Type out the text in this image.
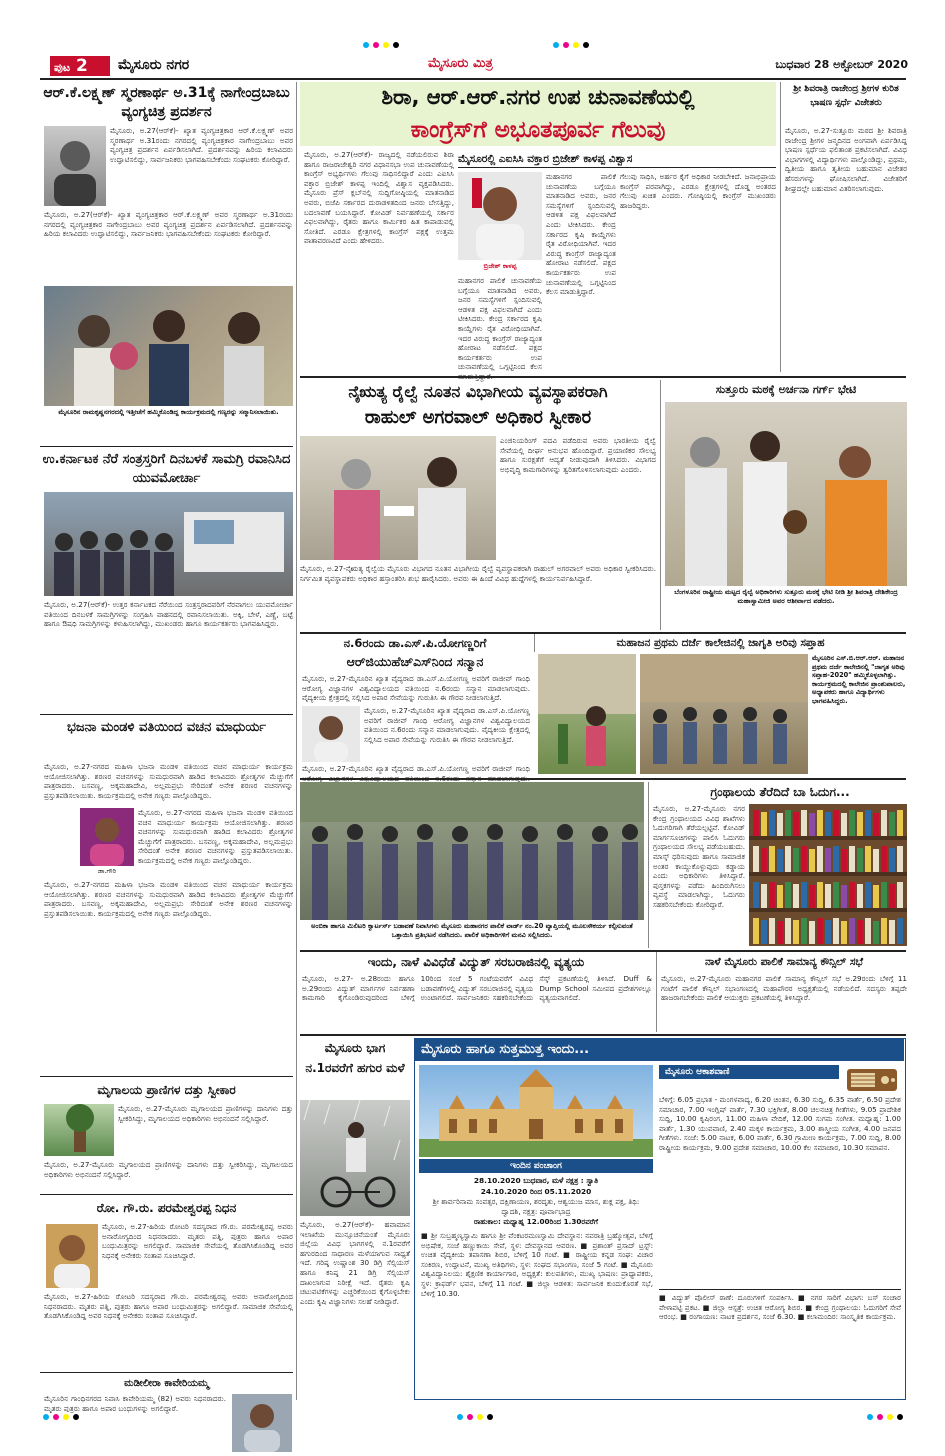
ಪುಟ 2	ಮೈಸೂರು ನಗರ	ಮೈಸೂರು ಮಿತ್ರ	ಬುಧವಾರ 28 ಅಕ್ಟೋಬರ್ 2020
ಆರ್.ಕೆ.ಲಕ್ಷ್ಮಣ್ ಸ್ಮರಣಾರ್ಥ ಅ.31ಕ್ಕೆ ನಾಗೇಂದ್ರಬಾಬು ವ್ಯಂಗ್ಯಚಿತ್ರ ಪ್ರದರ್ಶನ
ಮೈಸೂರು, ಅ.27(ಆರ್‌ಕೆ)- ಖ್ಯಾತ ವ್ಯಂಗ್ಯಚಿತ್ರಕಾರ ಆರ್.ಕೆ.ಲಕ್ಷ್ಮಣ್ ಅವರ ಸ್ಮರಣಾರ್ಥ ಅ.31ರಂದು ನಗರದಲ್ಲಿ ವ್ಯಂಗ್ಯಚಿತ್ರಕಾರ ನಾಗೇಂದ್ರಬಾಬು ಅವರ ವ್ಯಂಗ್ಯಚಿತ್ರ ಪ್ರದರ್ಶನ ಏರ್ಪಡಿಸಲಾಗಿದೆ. ಪ್ರದರ್ಶನವನ್ನು ಹಿರಿಯ ಕಲಾವಿದರು ಉದ್ಘಾಟಿಸಲಿದ್ದು, ಸಾರ್ವಜನಿಕರು ಭಾಗವಹಿಸಬೇಕೆಂದು ಸಂಘಟಕರು ಕೋರಿದ್ದಾರೆ.
ಮೈಸೂರು, ಅ.27(ಆರ್‌ಕೆ)- ಖ್ಯಾತ ವ್ಯಂಗ್ಯಚಿತ್ರಕಾರ ಆರ್.ಕೆ.ಲಕ್ಷ್ಮಣ್ ಅವರ ಸ್ಮರಣಾರ್ಥ ಅ.31ರಂದು ನಗರದಲ್ಲಿ ವ್ಯಂಗ್ಯಚಿತ್ರಕಾರ ನಾಗೇಂದ್ರಬಾಬು ಅವರ ವ್ಯಂಗ್ಯಚಿತ್ರ ಪ್ರದರ್ಶನ ಏರ್ಪಡಿಸಲಾಗಿದೆ. ಪ್ರದರ್ಶನವನ್ನು ಹಿರಿಯ ಕಲಾವಿದರು ಉದ್ಘಾಟಿಸಲಿದ್ದು, ಸಾರ್ವಜನಿಕರು ಭಾಗವಹಿಸಬೇಕೆಂದು ಸಂಘಟಕರು ಕೋರಿದ್ದಾರೆ.
ಮೈಸೂರಿನ ರಾಮಕೃಷ್ಣನಗರದಲ್ಲಿ ಇತ್ತೀಚೆಗೆ ಹಮ್ಮಿಕೊಂಡಿದ್ದ ಕಾರ್ಯಕ್ರಮದಲ್ಲಿ ಗಣ್ಯರನ್ನು ಸನ್ಮಾನಿಸಲಾಯಿತು.
ಉ.ಕರ್ನಾಟಕ ನೆರೆ ಸಂತ್ರಸ್ತರಿಗೆ ದಿನಬಳಕೆ ಸಾಮಗ್ರಿ ರವಾನಿಸಿದ ಯುವಮೋರ್ಚಾ
ಮೈಸೂರು, ಅ.27(ಆರ್‌ಕೆ)- ಉತ್ತರ ಕರ್ನಾಟಕದ ನೆರೆಯಿಂದ ಸಂತ್ರಸ್ತರಾದವರಿಗೆ ನೆರವಾಗಲು ಯುವಮೋರ್ಚಾ ವತಿಯಿಂದ ದಿನಬಳಕೆ ಸಾಮಗ್ರಿಗಳನ್ನು ಸಂಗ್ರಹಿಸಿ ವಾಹನದಲ್ಲಿ ರವಾನಿಸಲಾಯಿತು. ಅಕ್ಕಿ, ಬೇಳೆ, ಎಣ್ಣೆ, ಬಟ್ಟೆ ಹಾಗೂ ಔಷಧಿ ಸಾಮಗ್ರಿಗಳನ್ನು ಕಳುಹಿಸಲಾಗಿದ್ದು, ಮುಖಂಡರು ಹಾಗೂ ಕಾರ್ಯಕರ್ತರು ಭಾಗವಹಿಸಿದ್ದರು.
ಭಜನಾ ಮಂಡಳಿ ವತಿಯಿಂದ ವಚನ ಮಾಧುರ್ಯ
ಡಾ.ಗೌರಿ
ಮೈಸೂರು, ಅ.27-ನಗರದ ಮಹಿಳಾ ಭಜನಾ ಮಂಡಳಿ ವತಿಯಿಂದ ವಚನ ಮಾಧುರ್ಯ ಕಾರ್ಯಕ್ರಮ ಆಯೋಜಿಸಲಾಗಿತ್ತು. ಶರಣರ ವಚನಗಳನ್ನು ಸುಮಧುರವಾಗಿ ಹಾಡಿದ ಕಲಾವಿದರು ಶ್ರೋತೃಗಳ ಮೆಚ್ಚುಗೆಗೆ ಪಾತ್ರರಾದರು. ಬಸವಣ್ಣ, ಅಕ್ಕಮಹಾದೇವಿ, ಅಲ್ಲಮಪ್ರಭು ಸೇರಿದಂತೆ ಅನೇಕ ಶರಣರ ವಚನಗಳನ್ನು ಪ್ರಸ್ತುತಪಡಿಸಲಾಯಿತು. ಕಾರ್ಯಕ್ರಮದಲ್ಲಿ ಅನೇಕ ಗಣ್ಯರು ಪಾಲ್ಗೊಂಡಿದ್ದರು.
ಮೈಸೂರು, ಅ.27-ನಗರದ ಮಹಿಳಾ ಭಜನಾ ಮಂಡಳಿ ವತಿಯಿಂದ ವಚನ ಮಾಧುರ್ಯ ಕಾರ್ಯಕ್ರಮ ಆಯೋಜಿಸಲಾಗಿತ್ತು. ಶರಣರ ವಚನಗಳನ್ನು ಸುಮಧುರವಾಗಿ ಹಾಡಿದ ಕಲಾವಿದರು ಶ್ರೋತೃಗಳ ಮೆಚ್ಚುಗೆಗೆ ಪಾತ್ರರಾದರು. ಬಸವಣ್ಣ, ಅಕ್ಕಮಹಾದೇವಿ, ಅಲ್ಲಮಪ್ರಭು ಸೇರಿದಂತೆ ಅನೇಕ ಶರಣರ ವಚನಗಳನ್ನು ಪ್ರಸ್ತುತಪಡಿಸಲಾಯಿತು. ಕಾರ್ಯಕ್ರಮದಲ್ಲಿ ಅನೇಕ ಗಣ್ಯರು ಪಾಲ್ಗೊಂಡಿದ್ದರು.
ಮೈಸೂರು, ಅ.27-ನಗರದ ಮಹಿಳಾ ಭಜನಾ ಮಂಡಳಿ ವತಿಯಿಂದ ವಚನ ಮಾಧುರ್ಯ ಕಾರ್ಯಕ್ರಮ ಆಯೋಜಿಸಲಾಗಿತ್ತು. ಶರಣರ ವಚನಗಳನ್ನು ಸುಮಧುರವಾಗಿ ಹಾಡಿದ ಕಲಾವಿದರು ಶ್ರೋತೃಗಳ ಮೆಚ್ಚುಗೆಗೆ ಪಾತ್ರರಾದರು. ಬಸವಣ್ಣ, ಅಕ್ಕಮಹಾದೇವಿ, ಅಲ್ಲಮಪ್ರಭು ಸೇರಿದಂತೆ ಅನೇಕ ಶರಣರ ವಚನಗಳನ್ನು ಪ್ರಸ್ತುತಪಡಿಸಲಾಯಿತು. ಕಾರ್ಯಕ್ರಮದಲ್ಲಿ ಅನೇಕ ಗಣ್ಯರು ಪಾಲ್ಗೊಂಡಿದ್ದರು.
ಮೃಗಾಲಯ ಪ್ರಾಣಿಗಳ ದತ್ತು ಸ್ವೀಕಾರ
ಮೈಸೂರು, ಅ.27-ಮೈಸೂರು ಮೃಗಾಲಯದ ಪ್ರಾಣಿಗಳನ್ನು ದಾನಿಗಳು ದತ್ತು ಸ್ವೀಕರಿಸಿದ್ದು, ಮೃಗಾಲಯದ ಅಧಿಕಾರಿಗಳು ಅಭಿನಂದನೆ ಸಲ್ಲಿಸಿದ್ದಾರೆ.
ಮೈಸೂರು, ಅ.27-ಮೈಸೂರು ಮೃಗಾಲಯದ ಪ್ರಾಣಿಗಳನ್ನು ದಾನಿಗಳು ದತ್ತು ಸ್ವೀಕರಿಸಿದ್ದು, ಮೃಗಾಲಯದ ಅಧಿಕಾರಿಗಳು ಅಭಿನಂದನೆ ಸಲ್ಲಿಸಿದ್ದಾರೆ.
ರೋ. ಗೌ.ರು. ಪರಮೇಶ್ವರಪ್ಪ ನಿಧನ
ಮೈಸೂರು, ಅ.27-ಹಿರಿಯ ರೋಟರಿ ಸದಸ್ಯರಾದ ಗೌ.ರು. ಪರಮೇಶ್ವರಪ್ಪ ಅವರು ಅನಾರೋಗ್ಯದಿಂದ ನಿಧನರಾದರು. ಮೃತರು ಪತ್ನಿ, ಪುತ್ರರು ಹಾಗೂ ಅಪಾರ ಬಂಧುಮಿತ್ರರನ್ನು ಅಗಲಿದ್ದಾರೆ. ಸಾಮಾಜಿಕ ಸೇವೆಯಲ್ಲಿ ತೊಡಗಿಸಿಕೊಂಡಿದ್ದ ಅವರ ನಿಧನಕ್ಕೆ ಅನೇಕರು ಸಂತಾಪ ಸೂಚಿಸಿದ್ದಾರೆ.
ಮೈಸೂರು, ಅ.27-ಹಿರಿಯ ರೋಟರಿ ಸದಸ್ಯರಾದ ಗೌ.ರು. ಪರಮೇಶ್ವರಪ್ಪ ಅವರು ಅನಾರೋಗ್ಯದಿಂದ ನಿಧನರಾದರು. ಮೃತರು ಪತ್ನಿ, ಪುತ್ರರು ಹಾಗೂ ಅಪಾರ ಬಂಧುಮಿತ್ರರನ್ನು ಅಗಲಿದ್ದಾರೆ. ಸಾಮಾಜಿಕ ಸೇವೆಯಲ್ಲಿ ತೊಡಗಿಸಿಕೊಂಡಿದ್ದ ಅವರ ನಿಧನಕ್ಕೆ ಅನೇಕರು ಸಂತಾಪ ಸೂಚಿಸಿದ್ದಾರೆ.
ಮಡೀಲೀರಾ ಕಾವೇರಿಯಮ್ಮ
ಮೈಸೂರಿನ ಗಾಂಧಿನಗರದ ನಿವಾಸಿ ಕಾವೇರಿಯಮ್ಮ (82) ಅವರು ನಿಧನರಾದರು. ಮೃತರು ಪುತ್ರರು ಹಾಗೂ ಅಪಾರ ಬಂಧುಗಳನ್ನು ಅಗಲಿದ್ದಾರೆ.
ಶಿರಾ, ಆರ್.ಆರ್.ನಗರ ಉಪ ಚುನಾವಣೆಯಲ್ಲಿ
ಕಾಂಗ್ರೆಸ್‌ಗೆ ಅಭೂತಪೂರ್ವ ಗೆಲುವು
ಮೈಸೂರು, ಅ.27(ಆರ್‌ಕೆ)- ರಾಜ್ಯದಲ್ಲಿ ನಡೆಯಲಿರುವ ಶಿರಾ ಹಾಗೂ ರಾಜರಾಜೇಶ್ವರಿ ನಗರ ವಿಧಾನಸಭಾ ಉಪ ಚುನಾವಣೆಯಲ್ಲಿ ಕಾಂಗ್ರೆಸ್ ಅಭ್ಯರ್ಥಿಗಳು ಗೆಲುವು ಸಾಧಿಸಲಿದ್ದಾರೆ ಎಂದು ಎಐಸಿಸಿ ವಕ್ತಾರ ಬ್ರಿಜೇಶ್ ಕಾಳಪ್ಪ ಇಂದಿಲ್ಲಿ ವಿಶ್ವಾಸ ವ್ಯಕ್ತಪಡಿಸಿದರು. ಮೈಸೂರು ಪ್ರೆಸ್ ಕ್ಲಬ್‌ನಲ್ಲಿ ಸುದ್ದಿಗೋಷ್ಠಿಯಲ್ಲಿ ಮಾತನಾಡಿದ ಅವರು, ಬಿಜೆಪಿ ಸರ್ಕಾರದ ದುರಾಡಳಿತದಿಂದ ಜನರು ಬೇಸತ್ತಿದ್ದು, ಬದಲಾವಣೆ ಬಯಸಿದ್ದಾರೆ. ಕೋವಿಡ್ ನಿರ್ವಹಣೆಯಲ್ಲಿ ಸರ್ಕಾರ ವಿಫಲವಾಗಿದ್ದು, ರೈತರು ಹಾಗೂ ಕಾರ್ಮಿಕರ ಹಿತ ಕಾಪಾಡುವಲ್ಲಿ ಸೋತಿದೆ. ಎರಡೂ ಕ್ಷೇತ್ರಗಳಲ್ಲಿ ಕಾಂಗ್ರೆಸ್ ಪಕ್ಷಕ್ಕೆ ಉತ್ತಮ ವಾತಾವರಣವಿದೆ ಎಂದು ಹೇಳಿದರು.
ಮೈಸೂರಲ್ಲಿ ಎಐಸಿಸಿ ವಕ್ತಾರ ಬ್ರಿಜೇಶ್ ಕಾಳಪ್ಪ ವಿಶ್ವಾಸ
ಬ್ರಿಜೇಶ್ ಕಾಳಪ್ಪ
ಮಹಾನಗರ ಪಾಲಿಕೆ ಚುನಾವಣೆಯ ಬಗ್ಗೆಯೂ ಮಾತನಾಡಿದ ಅವರು, ಜನರ ಸಮಸ್ಯೆಗಳಿಗೆ ಸ್ಪಂದಿಸುವಲ್ಲಿ ಆಡಳಿತ ಪಕ್ಷ ವಿಫಲವಾಗಿದೆ ಎಂದು ಟೀಕಿಸಿದರು. ಕೇಂದ್ರ ಸರ್ಕಾರದ ಕೃಷಿ ಕಾಯ್ದೆಗಳು ರೈತ ವಿರೋಧಿಯಾಗಿವೆ. ಇದರ ವಿರುದ್ಧ ಕಾಂಗ್ರೆಸ್ ರಾಜ್ಯಾದ್ಯಂತ ಹೋರಾಟ ನಡೆಸಲಿದೆ. ಪಕ್ಷದ ಕಾರ್ಯಕರ್ತರು ಉಪ ಚುನಾವಣೆಯಲ್ಲಿ ಒಗ್ಗಟ್ಟಿನಿಂದ ಕೆಲಸ ಮಾಡುತ್ತಿದ್ದಾರೆ.
ಗೆಲುವು ಸಾಧಿಸಿ, ಅರ್ಹರ ಕೈಗೆ ಅಧಿಕಾರ ನೀಡಬೇಕಿದೆ. ಜನಾಭಿಪ್ರಾಯ ಕಾಂಗ್ರೆಸ್ ಪರವಾಗಿದ್ದು, ಎರಡೂ ಕ್ಷೇತ್ರಗಳಲ್ಲಿ ದೊಡ್ಡ ಅಂತರದ ಗೆಲುವು ಖಚಿತ ಎಂದರು. ಗೋಷ್ಠಿಯಲ್ಲಿ ಕಾಂಗ್ರೆಸ್ ಮುಖಂಡರು ಹಾಜರಿದ್ದರು.
ಮಹಾನಗರ ಪಾಲಿಕೆ ಚುನಾವಣೆಯ ಬಗ್ಗೆಯೂ ಮಾತನಾಡಿದ ಅವರು, ಜನರ ಸಮಸ್ಯೆಗಳಿಗೆ ಸ್ಪಂದಿಸುವಲ್ಲಿ ಆಡಳಿತ ಪಕ್ಷ ವಿಫಲವಾಗಿದೆ ಎಂದು ಟೀಕಿಸಿದರು. ಕೇಂದ್ರ ಸರ್ಕಾರದ ಕೃಷಿ ಕಾಯ್ದೆಗಳು ರೈತ ವಿರೋಧಿಯಾಗಿವೆ. ಇದರ ವಿರುದ್ಧ ಕಾಂಗ್ರೆಸ್ ರಾಜ್ಯಾದ್ಯಂತ ಹೋರಾಟ ನಡೆಸಲಿದೆ. ಪಕ್ಷದ ಕಾರ್ಯಕರ್ತರು ಉಪ ಚುನಾವಣೆಯಲ್ಲಿ ಒಗ್ಗಟ್ಟಿನಿಂದ ಕೆಲಸ
ಶ್ರೀ ಶಿವರಾತ್ರಿ ರಾಜೇಂದ್ರ ಶ್ರೀಗಳ ಕುರಿತ ಭಾಷಣ ಸ್ಪರ್ಧೆ ವಿಜೇತರು
ಮೈಸೂರು, ಅ.27-ಸುತ್ತೂರು ಮಠದ ಶ್ರೀ ಶಿವರಾತ್ರಿ ರಾಜೇಂದ್ರ ಶ್ರೀಗಳ ಜನ್ಮದಿನದ ಅಂಗವಾಗಿ ಏರ್ಪಡಿಸಿದ್ದ ಭಾಷಣ ಸ್ಪರ್ಧೆಯ ಫಲಿತಾಂಶ ಪ್ರಕಟಿಸಲಾಗಿದೆ. ವಿವಿಧ ವಿಭಾಗಗಳಲ್ಲಿ ವಿದ್ಯಾರ್ಥಿಗಳು ಪಾಲ್ಗೊಂಡಿದ್ದು, ಪ್ರಥಮ, ದ್ವಿತೀಯ ಹಾಗೂ ತೃತೀಯ ಬಹುಮಾನ ವಿಜೇತರ ಹೆಸರುಗಳನ್ನು ಘೋಷಿಸಲಾಗಿದೆ. ವಿಜೇತರಿಗೆ ಶೀಘ್ರದಲ್ಲೇ ಬಹುಮಾನ ವಿತರಿಸಲಾಗುವುದು.
ನೈಋತ್ಯ ರೈಲ್ವೆ ನೂತನ ವಿಭಾಗೀಯ ವ್ಯವಸ್ಥಾಪಕರಾಗಿ
ರಾಹುಲ್ ಅಗರವಾಲ್ ಅಧಿಕಾರ ಸ್ವೀಕಾರ
ಎಂಜಿನಿಯರಿಂಗ್ ಪದವಿ ಪಡೆದಿರುವ ಅವರು ಭಾರತೀಯ ರೈಲ್ವೆ ಸೇವೆಯಲ್ಲಿ ದೀರ್ಘ ಅನುಭವ ಹೊಂದಿದ್ದಾರೆ. ಪ್ರಯಾಣಿಕರ ಸೌಲಭ್ಯ ಹಾಗೂ ಸುರಕ್ಷತೆಗೆ ಆದ್ಯತೆ ನೀಡುವುದಾಗಿ ತಿಳಿಸಿದರು. ವಿಭಾಗದ ಅಭಿವೃದ್ಧಿ ಕಾಮಗಾರಿಗಳನ್ನು ತ್ವರಿತಗೊಳಿಸಲಾಗುವುದು ಎಂದರು.
ಮೈಸೂರು, ಅ.27-ನೈಋತ್ಯ ರೈಲ್ವೆಯ ಮೈಸೂರು ವಿಭಾಗದ ನೂತನ ವಿಭಾಗೀಯ ರೈಲ್ವೆ ವ್ಯವಸ್ಥಾಪಕರಾಗಿ ರಾಹುಲ್ ಅಗರವಾಲ್ ಅವರು ಅಧಿಕಾರ ಸ್ವೀಕರಿಸಿದರು. ನಿರ್ಗಮಿತ ವ್ಯವಸ್ಥಾಪಕರು ಅಧಿಕಾರ ಹಸ್ತಾಂತರಿಸಿ ಶುಭ ಹಾರೈಸಿದರು. ಅವರು ಈ ಹಿಂದೆ ವಿವಿಧ ಹುದ್ದೆಗಳಲ್ಲಿ ಕಾರ್ಯನಿರ್ವಹಿಸಿದ್ದಾರೆ.
ಸುತ್ತೂರು ಮಠಕ್ಕೆ ಅರ್ಚನಾ ಗರ್ಗ್ ಭೇಟಿ
ಬೆಂಗಳೂರಿನ ರಾಷ್ಟ್ರೀಯ ಮಟ್ಟದ ರೈಲ್ವೆ ಅಧಿಕಾರಿಗಳು ಸುತ್ತೂರು ಮಠಕ್ಕೆ ಭೇಟಿ ನೀಡಿ ಶ್ರೀ ಶಿವರಾತ್ರಿ ದೇಶಿಕೇಂದ್ರ ಮಹಾಸ್ವಾಮೀಜಿ ಅವರ ಆಶೀರ್ವಾದ ಪಡೆದರು.
ನ.6ರಂದು ಡಾ.ಎಸ್.ಪಿ.ಯೋಗಣ್ಣರಿಗೆ
ಆರ್‌ಜಿಯುಹೆಚ್‌ಎಸ್‌ನಿಂದ ಸನ್ಮಾನ
ಮೈಸೂರು, ಅ.27-ಮೈಸೂರಿನ ಖ್ಯಾತ ವೈದ್ಯರಾದ ಡಾ.ಎಸ್.ಪಿ.ಯೋಗಣ್ಣ ಅವರಿಗೆ ರಾಜೀವ್ ಗಾಂಧಿ ಆರೋಗ್ಯ ವಿಜ್ಞಾನಗಳ ವಿಶ್ವವಿದ್ಯಾಲಯದ ವತಿಯಿಂದ ನ.6ರಂದು ಸನ್ಮಾನ ಮಾಡಲಾಗುವುದು. ವೈದ್ಯಕೀಯ ಕ್ಷೇತ್ರದಲ್ಲಿ ಸಲ್ಲಿಸಿದ ಅಪಾರ ಸೇವೆಯನ್ನು ಗುರುತಿಸಿ ಈ ಗೌರವ ನೀಡಲಾಗುತ್ತಿದೆ.
ಮೈಸೂರು, ಅ.27-ಮೈಸೂರಿನ ಖ್ಯಾತ ವೈದ್ಯರಾದ ಡಾ.ಎಸ್.ಪಿ.ಯೋಗಣ್ಣ ಅವರಿಗೆ ರಾಜೀವ್ ಗಾಂಧಿ ಆರೋಗ್ಯ ವಿಜ್ಞಾನಗಳ ವಿಶ್ವವಿದ್ಯಾಲಯದ ವತಿಯಿಂದ ನ.6ರಂದು ಸನ್ಮಾನ ಮಾಡಲಾಗುವುದು. ವೈದ್ಯಕೀಯ ಕ್ಷೇತ್ರದಲ್ಲಿ ಸಲ್ಲಿಸಿದ ಅಪಾರ ಸೇವೆಯನ್ನು ಗುರುತಿಸಿ ಈ ಗೌರವ ನೀಡಲಾಗುತ್ತಿದೆ.
ಮೈಸೂರು, ಅ.27-ಮೈಸೂರಿನ ಖ್ಯಾತ ವೈದ್ಯರಾದ ಡಾ.ಎಸ್.ಪಿ.ಯೋಗಣ್ಣ ಅವರಿಗೆ ರಾಜೀವ್ ಗಾಂಧಿ
ಮಹಾಜನ ಪ್ರಥಮ ದರ್ಜೆ ಕಾಲೇಜಿನಲ್ಲಿ ಜಾಗೃತಿ ಅರಿವು ಸಪ್ತಾಹ
ಮೈಸೂರಿನ ಎಸ್.ಬಿ.ಆರ್.ಆರ್. ಮಹಾಜನ ಪ್ರಥಮ ದರ್ಜೆ ಕಾಲೇಜಿನಲ್ಲಿ "ಜಾಗೃತ ಅರಿವು ಸಪ್ತಾಹ-2020" ಹಮ್ಮಿಕೊಳ್ಳಲಾಗಿತ್ತು. ಕಾರ್ಯಕ್ರಮದಲ್ಲಿ ಕಾಲೇಜಿನ ಪ್ರಾಂಶುಪಾಲರು, ಅಧ್ಯಾಪಕರು ಹಾಗೂ ವಿದ್ಯಾರ್ಥಿಗಳು ಭಾಗವಹಿಸಿದ್ದರು.
ಅಂಬಿಕಾ ಹಾಗೂ ಮಿಲಿಟರಿ ಕ್ವಾರ್ಟರ್ಸ್ ಬಡಾವಣೆ ನಿವಾಸಿಗಳು ಮೈಸೂರು ಮಹಾನಗರ ಪಾಲಿಕೆ ವಾರ್ಡ್ ನಂ.20 ವ್ಯಾಪ್ತಿಯಲ್ಲಿ ಮೂಲಸೌಕರ್ಯ ಕಲ್ಪಿಸುವಂತೆ ಒತ್ತಾಯಿಸಿ ಪ್ರತಿಭಟನೆ ನಡೆಸಿದರು. ಪಾಲಿಕೆ ಅಧಿಕಾರಿಗಳಿಗೆ ಮನವಿ ಸಲ್ಲಿಸಿದರು.
ಗ್ರಂಥಾಲಯ ತೆರೆದಿದೆ ಬಾ ಓದುಗ...
ಮೈಸೂರು, ಅ.27-ಮೈಸೂರು ನಗರ ಕೇಂದ್ರ ಗ್ರಂಥಾಲಯದ ವಿವಿಧ ಶಾಖೆಗಳು ಓದುಗರಿಗಾಗಿ ತೆರೆಯಲ್ಪಟ್ಟಿವೆ. ಕೋವಿಡ್ ಮಾರ್ಗಸೂಚಿಗಳನ್ನು ಪಾಲಿಸಿ ಓದುಗರು ಗ್ರಂಥಾಲಯದ ಸೌಲಭ್ಯ ಪಡೆಯಬಹುದು. ಮಾಸ್ಕ್ ಧರಿಸುವುದು ಹಾಗೂ ಸಾಮಾಜಿಕ ಅಂತರ ಕಾಯ್ದುಕೊಳ್ಳುವುದು ಕಡ್ಡಾಯ ಎಂದು ಅಧಿಕಾರಿಗಳು ತಿಳಿಸಿದ್ದಾರೆ. ಪುಸ್ತಕಗಳನ್ನು ಪಡೆದು ಹಿಂದಿರುಗಿಸಲು ವ್ಯವಸ್ಥೆ ಮಾಡಲಾಗಿದ್ದು, ಓದುಗರು ಸಹಕರಿಸಬೇಕೆಂದು ಕೋರಿದ್ದಾರೆ.
ಇಂದು, ನಾಳೆ ವಿವಿಧೆಡೆ ವಿದ್ಯುತ್ ಸರಬರಾಜಿನಲ್ಲಿ ವ್ಯತ್ಯಯ
ಮೈಸೂರು, ಅ.27- ಅ.28ರಂದು ಹಾಗೂ ಅ.29ರಂದು ವಿದ್ಯುತ್ ಮಾರ್ಗಗಳ ನಿರ್ವಹಣಾ ಕಾಮಗಾರಿ ಕೈಗೊಂಡಿರುವುದರಿಂದ ಬೆಳಿಗ್ಗೆ 10ರಿಂದ ಸಂಜೆ 5 ಗಂಟೆಯವರೆಗೆ ವಿವಿಧ ಬಡಾವಣೆಗಳಲ್ಲಿ ವಿದ್ಯುತ್ ಸರಬರಾಜಿನಲ್ಲಿ ವ್ಯತ್ಯಯ ಉಂಟಾಗಲಿದೆ. ಸಾರ್ವಜನಿಕರು ಸಹಕರಿಸಬೇಕೆಂದು ಸೆಸ್ಕ್ ಪ್ರಕಟಣೆಯಲ್ಲಿ ತಿಳಿಸಿದೆ. Duff & Dump School ಸಮೀಪದ ಪ್ರದೇಶಗಳಲ್ಲೂ ವ್ಯತ್ಯಯವಾಗಲಿದೆ.
ನಾಳೆ ಮೈಸೂರು ಪಾಲಿಕೆ ಸಾಮಾನ್ಯ ಕೌನ್ಸಿಲ್ ಸಭೆ
ಮೈಸೂರು, ಅ.27-ಮೈಸೂರು ಮಹಾನಗರ ಪಾಲಿಕೆ ಸಾಮಾನ್ಯ ಕೌನ್ಸಿಲ್ ಸಭೆ ಅ.29ರಂದು ಬೆಳಿಗ್ಗೆ 11 ಗಂಟೆಗೆ ಪಾಲಿಕೆ ಕೌನ್ಸಿಲ್ ಸಭಾಂಗಣದಲ್ಲಿ ಮಹಾಪೌರರ ಅಧ್ಯಕ್ಷತೆಯಲ್ಲಿ ನಡೆಯಲಿದೆ. ಸದಸ್ಯರು ತಪ್ಪದೇ ಹಾಜರಾಗಬೇಕೆಂದು ಪಾಲಿಕೆ ಆಯುಕ್ತರು ಪ್ರಕಟಣೆಯಲ್ಲಿ ತಿಳಿಸಿದ್ದಾರೆ.
ಮೈಸೂರು ಭಾಗ ನ.1ರವರೆಗೆ ಹಗುರ ಮಳೆ
ಮೈಸೂರು, ಅ.27(ಆರ್‌ಕೆ)- ಹವಾಮಾನ ಇಲಾಖೆಯ ಮುನ್ಸೂಚನೆಯಂತೆ ಮೈಸೂರು ಜಿಲ್ಲೆಯ ವಿವಿಧ ಭಾಗಗಳಲ್ಲಿ ನ.1ರವರೆಗೆ ಹಗುರದಿಂದ ಸಾಧಾರಣ ಮಳೆಯಾಗುವ ಸಾಧ್ಯತೆ ಇದೆ. ಗರಿಷ್ಠ ಉಷ್ಣಾಂಶ 30 ಡಿಗ್ರಿ ಸೆಲ್ಸಿಯಸ್ ಹಾಗೂ ಕನಿಷ್ಠ 21 ಡಿಗ್ರಿ ಸೆಲ್ಸಿಯಸ್ ದಾಖಲಾಗುವ ನಿರೀಕ್ಷೆ ಇದೆ. ರೈತರು ಕೃಷಿ ಚಟುವಟಿಕೆಗಳನ್ನು ಎಚ್ಚರಿಕೆಯಿಂದ ಕೈಗೊಳ್ಳಬೇಕು ಎಂದು ಕೃಷಿ ವಿಜ್ಞಾನಿಗಳು ಸಲಹೆ ನೀಡಿದ್ದಾರೆ.
ಮೈಸೂರು ಹಾಗೂ ಸುತ್ತಮುತ್ತ ಇಂದು...
ಇಂದಿನ ಪಂಚಾಂಗ
28.10.2020 ಬುಧವಾರ, ಮಳೆ ನಕ್ಷತ್ರ : ಸ್ವಾತಿ
24.10.2020 ರಿಂದ 05.11.2020
ಶ್ರೀ ಶಾರ್ವರಿನಾಮ ಸಂವತ್ಸರ, ದಕ್ಷಿಣಾಯಣ, ಶರದೃತು, ಆಶ್ವಯುಜ ಮಾಸ, ಶುಕ್ಲ ಪಕ್ಷ, ತಿಥಿ: ದ್ವಾದಶಿ, ನಕ್ಷತ್ರ: ಪೂರ್ವಾಭಾದ್ರ
ರಾಹುಕಾಲ: ಮಧ್ಯಾಹ್ನ 12.00ರಿಂದ 1.30ರವರೆಗೆ
■ ಶ್ರೀ ಸುಬ್ರಹ್ಮಣ್ಯಸ್ವಾಮಿ ಹಾಗೂ ಶ್ರೀ ವೆಂಕಟರಮಣಸ್ವಾಮಿ ದೇವಸ್ಥಾನ: ನವರಾತ್ರಿ ಬ್ರಹ್ಮೋತ್ಸವ, ಬೆಳಿಗ್ಗೆ ಅಭಿಷೇಕ, ಸಂಜೆ ಹಣ್ಣುಕಾಯಿ ಸೇವೆ, ಸ್ಥಳ: ದೇವಸ್ಥಾನದ ಆವರಣ. ■ ಪ್ರಶಾಂತ್ ಪ್ರಸಾದ್ ಟ್ರಸ್ಟ್: ಉಚಿತ ವೈದ್ಯಕೀಯ ತಪಾಸಣಾ ಶಿಬಿರ, ಬೆಳಿಗ್ಗೆ 10 ಗಂಟೆ. ■ ರಾಷ್ಟ್ರೀಯ ಕನ್ನಡ ಸಂಘ: ವಿಚಾರ ಸಂಕಿರಣ, ಉದ್ಘಾಟನೆ, ಮುಖ್ಯ ಅತಿಥಿಗಳು, ಸ್ಥಳ: ಸಂಘದ ಸಭಾಂಗಣ, ಸಂಜೆ 5 ಗಂಟೆ. ■ ಮೈಸೂರು ವಿಶ್ವವಿದ್ಯಾನಿಲಯ: ಶೈಕ್ಷಣಿಕ ಕಾರ್ಯಾಗಾರ, ಅಧ್ಯಕ್ಷತೆ: ಕುಲಪತಿಗಳು, ಮುಖ್ಯ ಭಾಷಣ: ಪ್ರಾಧ್ಯಾಪಕರು, ಸ್ಥಳ: ಕ್ರಾಫರ್ಡ್ ಭವನ, ಬೆಳಿಗ್ಗೆ 11 ಗಂಟೆ. ■ ಜಿಲ್ಲಾ ಆಡಳಿತ: ಸಾರ್ವಜನಿಕ ಕುಂದುಕೊರತೆ ಸಭೆ, ಬೆಳಿಗ್ಗೆ 10.30.
ಮೈಸೂರು ಆಕಾಶವಾಣಿ
ಬೆಳಿಗ್ಗೆ: 6.05 ಪ್ರಭಾತ - ಮಂಗಳವಾದ್ಯ, 6.20 ಚಿಂತನ, 6.30 ಸುದ್ದಿ, 6.35 ವಾರ್ತೆ, 6.50 ಪ್ರದೇಶ ಸಮಾಚಾರ, 7.00 ಇಂಗ್ಲಿಷ್ ವಾರ್ತೆ, 7.30 ಭಕ್ತಿಗೀತೆ, 8.00 ಚಲನಚಿತ್ರ ಗೀತೆಗಳು, 9.05 ಪ್ರಾದೇಶಿಕ ಸುದ್ದಿ, 10.00 ಕೃಷಿರಂಗ, 11.00 ಮಹಿಳಾ ವೇದಿಕೆ, 12.00 ಸುಗಮ ಸಂಗೀತ. ಮಧ್ಯಾಹ್ನ: 1.00 ವಾರ್ತೆ, 1.30 ಯುವವಾಣಿ, 2.40 ಮಕ್ಕಳ ಕಾರ್ಯಕ್ರಮ, 3.00 ಶಾಸ್ತ್ರೀಯ ಸಂಗೀತ, 4.00 ಜನಪದ ಗೀತೆಗಳು. ಸಂಜೆ: 5.00 ನಾಟಕ, 6.00 ವಾರ್ತೆ, 6.30 ಗ್ರಾಮೀಣ ಕಾರ್ಯಕ್ರಮ, 7.00 ಸುದ್ದಿ, 8.00 ರಾಷ್ಟ್ರೀಯ ಕಾರ್ಯಕ್ರಮ, 9.00 ಪ್ರದೇಶ ಸಮಾಚಾರ, 10.00 ಕೆಲ ಸಮಾಚಾರ, 10.30 ಸಮಾಪನ.
■ ವಿದ್ಯುತ್ ಪೊಲೀಸ್ ಠಾಣೆ: ದೂರುಗಳಿಗೆ ಸಂಪರ್ಕಿಸಿ. ■ ನಗರ ಸಾರಿಗೆ ವಿಭಾಗ: ಬಸ್ ಸಂಚಾರ ವೇಳಾಪಟ್ಟಿ ಪ್ರಕಟ. ■ ಜಿಲ್ಲಾ ಆಸ್ಪತ್ರೆ: ಉಚಿತ ಆರೋಗ್ಯ ಶಿಬಿರ. ■ ಕೇಂದ್ರ ಗ್ರಂಥಾಲಯ: ಓದುಗರಿಗೆ ಸೇವೆ ಆರಂಭ. ■ ರಂಗಾಯಣ: ನಾಟಕ ಪ್ರದರ್ಶನ, ಸಂಜೆ 6.30. ■ ಕಲಾಮಂದಿರ: ಸಾಂಸ್ಕೃತಿಕ ಕಾರ್ಯಕ್ರಮ.
